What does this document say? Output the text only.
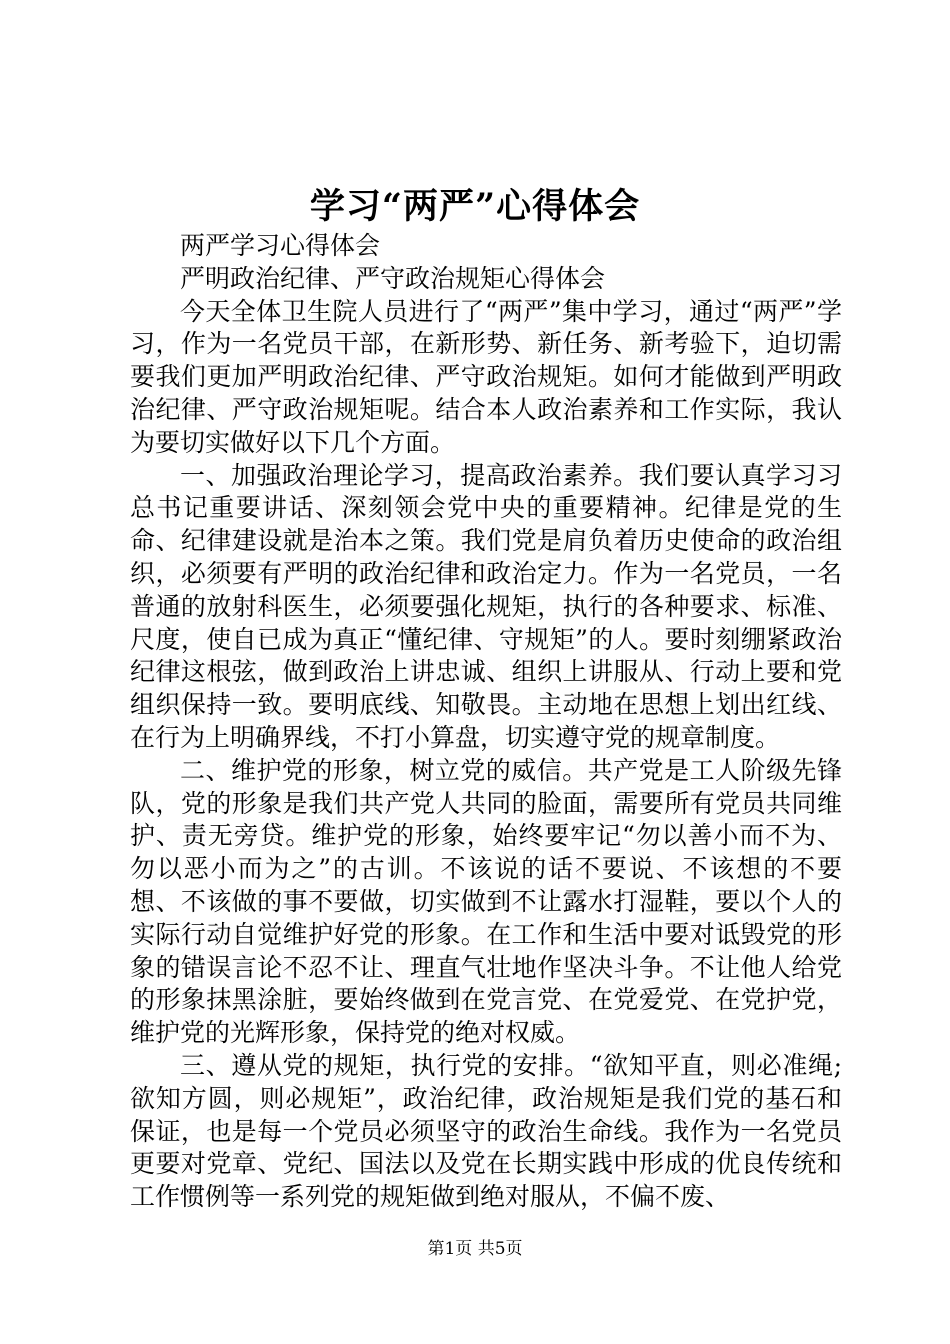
学习“两严”心得体会

两严学习心得体会

严明政治纪律、严守政治规矩心得体会

今天全体卫生院人员进行了“两严”集中学习，通过“两严”学习，作为一名党员干部，在新形势、新任务、新考验下，迫切需要我们更加严明政治纪律、严守政治规矩。如何才能做到严明政治纪律、严守政治规矩呢。结合本人政治素养和工作实际，我认为要切实做好以下几个方面。

一、加强政治理论学习，提高政治素养。我们要认真学习习总书记重要讲话、深刻领会党中央的重要精神。纪律是党的生命、纪律建设就是治本之策。我们党是肩负着历史使命的政治组织，必须要有严明的政治纪律和政治定力。作为一名党员，一名普通的放射科医生，必须要强化规矩，执行的各种要求、标准、尺度，使自已成为真正“懂纪律、守规矩”的人。要时刻绷紧政治纪律这根弦，做到政治上讲忠诚、组织上讲服从、行动上要和党组织保持一致。要明底线、知敬畏。主动地在思想上划出红线、在行为上明确界线，不打小算盘，切实遵守党的规章制度。

二、维护党的形象，树立党的威信。共产党是工人阶级先锋队，党的形象是我们共产党人共同的脸面，需要所有党员共同维护、责无旁贷。维护党的形象，始终要牢记“勿以善小而不为、勿以恶小而为之”的古训。不该说的话不要说、不该想的不要想、不该做的事不要做，切实做到不让露水打湿鞋，要以个人的实际行动自觉维护好党的形象。在工作和生活中要对诋毁党的形象的错误言论不忍不让、理直气壮地作坚决斗争。不让他人给党的形象抹黑涂脏，要始终做到在党言党、在党爱党、在党护党，维护党的光辉形象，保持党的绝对权威。

三、遵从党的规矩，执行党的安排。“欲知平直，则必准绳;欲知方圆，则必规矩”，政治纪律，政治规矩是我们党的基石和保证，也是每一个党员必须坚守的政治生命线。我作为一名党员更要对党章、党纪、国法以及党在长期实践中形成的优良传统和工作惯例等一系列党的规矩做到绝对服从，不偏不废、

第1页 共5页
